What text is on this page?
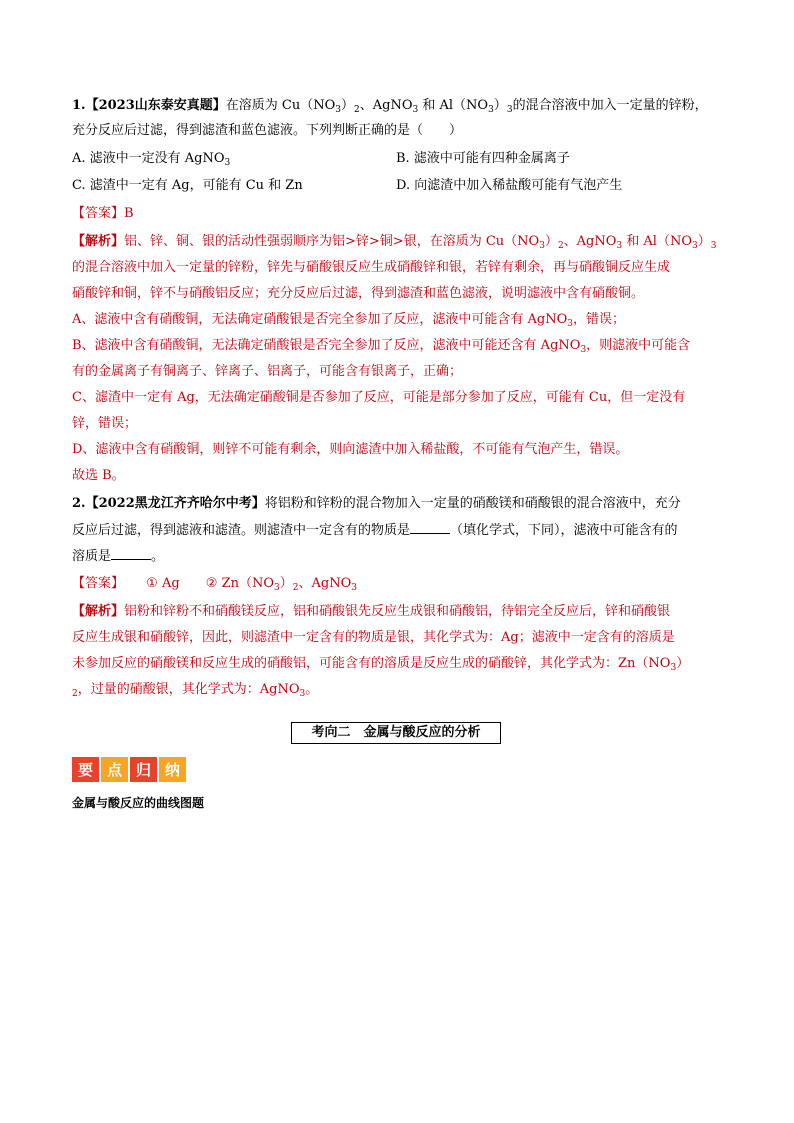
1.【2023山东泰安真题】在溶质为 $Cu(NO_3)_2$、AgNO$_3$ 和 $Al(NO_3)_3$的混合溶液中加入一定量的锌粉，
充分反应后过滤，得到滤渣和蓝色滤液。下列判断正确的是（　　）
A. 滤液中一定没有 AgNO$_3$	B. 滤液中可能有四种金属离子
C. 滤渣中一定有 Ag，可能有 Cu 和 Zn	D. 向滤渣中加入稀盐酸可能有气泡产生
【答案】B
【解析】铝、锌、铜、银的活动性强弱顺序为铝>锌>铜>银，在溶质为 $Cu(NO_3)_2$、AgNO$_3$ 和 $Al(NO_3)_3$
的混合溶液中加入一定量的锌粉，锌先与硝酸银反应生成硝酸锌和银，若锌有剩余，再与硝酸铜反应生成
硝酸锌和铜，锌不与硝酸铝反应；充分反应后过滤，得到滤渣和蓝色滤液，说明滤液中含有硝酸铜。
A、滤液中含有硝酸铜，无法确定硝酸银是否完全参加了反应，滤液中可能含有 AgNO$_3$，错误；
B、滤液中含有硝酸铜，无法确定硝酸银是否完全参加了反应，滤液中可能还含有 AgNO$_3$，则滤液中可能含
有的金属离子有铜离子、锌离子、铝离子，可能含有银离子，正确；
C、滤渣中一定有 Ag，无法确定硝酸铜是否参加了反应，可能是部分参加了反应，可能有 Cu，但一定没有
锌，错误；
D、滤液中含有硝酸铜，则锌不可能有剩余，则向滤渣中加入稀盐酸，不可能有气泡产生，错误。
故选 B。
2.【2022黑龙江齐齐哈尔中考】将铝粉和锌粉的混合物加入一定量的硝酸镁和硝酸银的混合溶液中，充分
反应后过滤，得到滤液和滤渣。则滤渣中一定含有的物质是	（填化学式，下同），滤液中可能含有的
溶质是	。
【答案】 ① Ag ② $Zn(NO_3)_2$、AgNO$_3$
【解析】铝粉和锌粉不和硝酸镁反应，铝和硝酸银先反应生成银和硝酸铝，待铝完全反应后，锌和硝酸银
反应生成银和硝酸锌，因此，则滤渣中一定含有的物质是银，其化学式为：Ag；滤液中一定含有的溶质是
未参加反应的硝酸镁和反应生成的硝酸铝，可能含有的溶质是反应生成的硝酸锌，其化学式为：$Zn(NO_3)$
$_2$，过量的硝酸银，其化学式为：AgNO$_3$。
考向二　金属与酸反应的分析
要 点 归 纳
金属与酸反应的曲线图题
